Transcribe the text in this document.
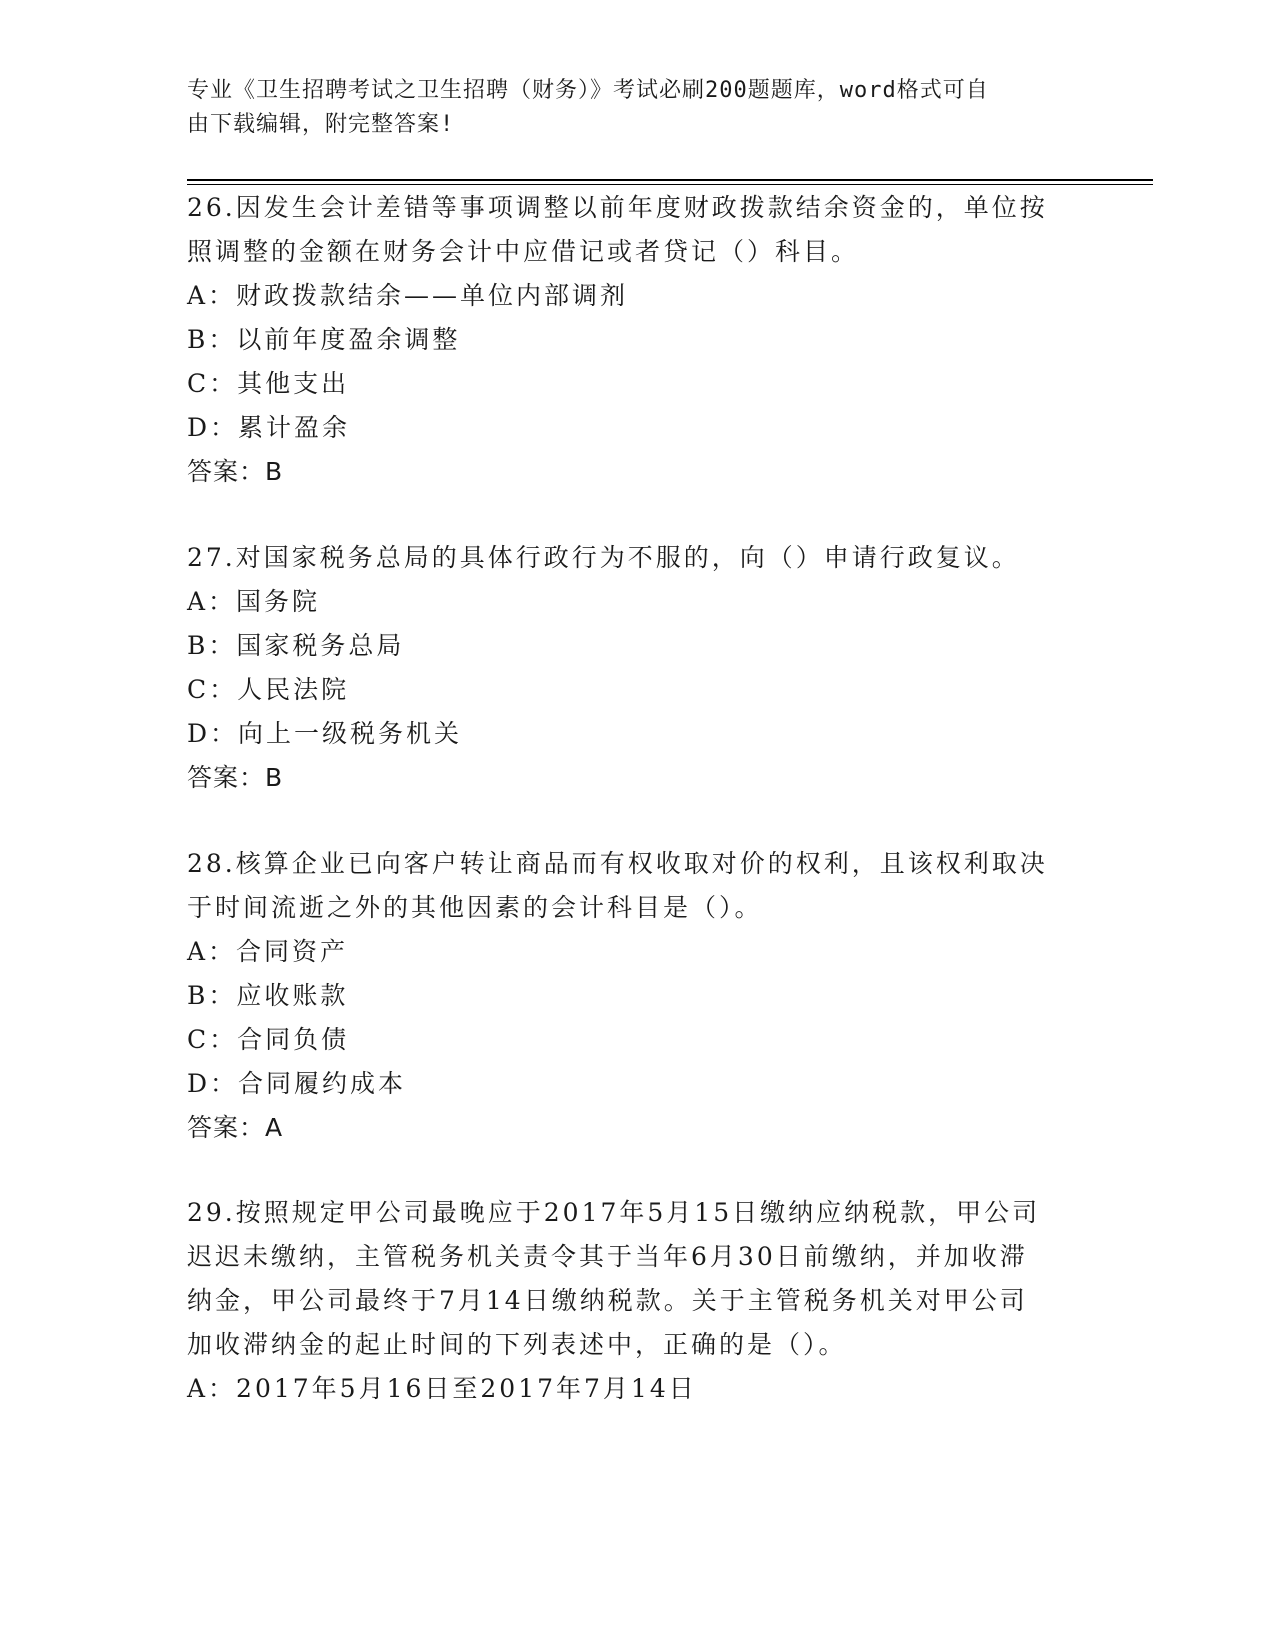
专业《卫生招聘考试之卫生招聘（财务）》考试必刷200题题库，word格式可自
由下载编辑，附完整答案!
26.因发生会计差错等事项调整以前年度财政拨款结余资金的，单位按
照调整的金额在财务会计中应借记或者贷记（）科目。
A：财政拨款结余——单位内部调剂
B：以前年度盈余调整
C：其他支出
D：累计盈余
答案：B
27.对国家税务总局的具体行政行为不服的，向（）申请行政复议。
A：国务院
B：国家税务总局
C：人民法院
D：向上一级税务机关
答案：B
28.核算企业已向客户转让商品而有权收取对价的权利，且该权利取决
于时间流逝之外的其他因素的会计科目是（）。
A：合同资产
B：应收账款
C：合同负债
D：合同履约成本
答案：A
29.按照规定甲公司最晚应于2017年5月15日缴纳应纳税款，甲公司
迟迟未缴纳，主管税务机关责令其于当年6月30日前缴纳，并加收滞
纳金，甲公司最终于7月14日缴纳税款。关于主管税务机关对甲公司
加收滞纳金的起止时间的下列表述中，正确的是（）。
A：2017年5月16日至2017年7月14日
